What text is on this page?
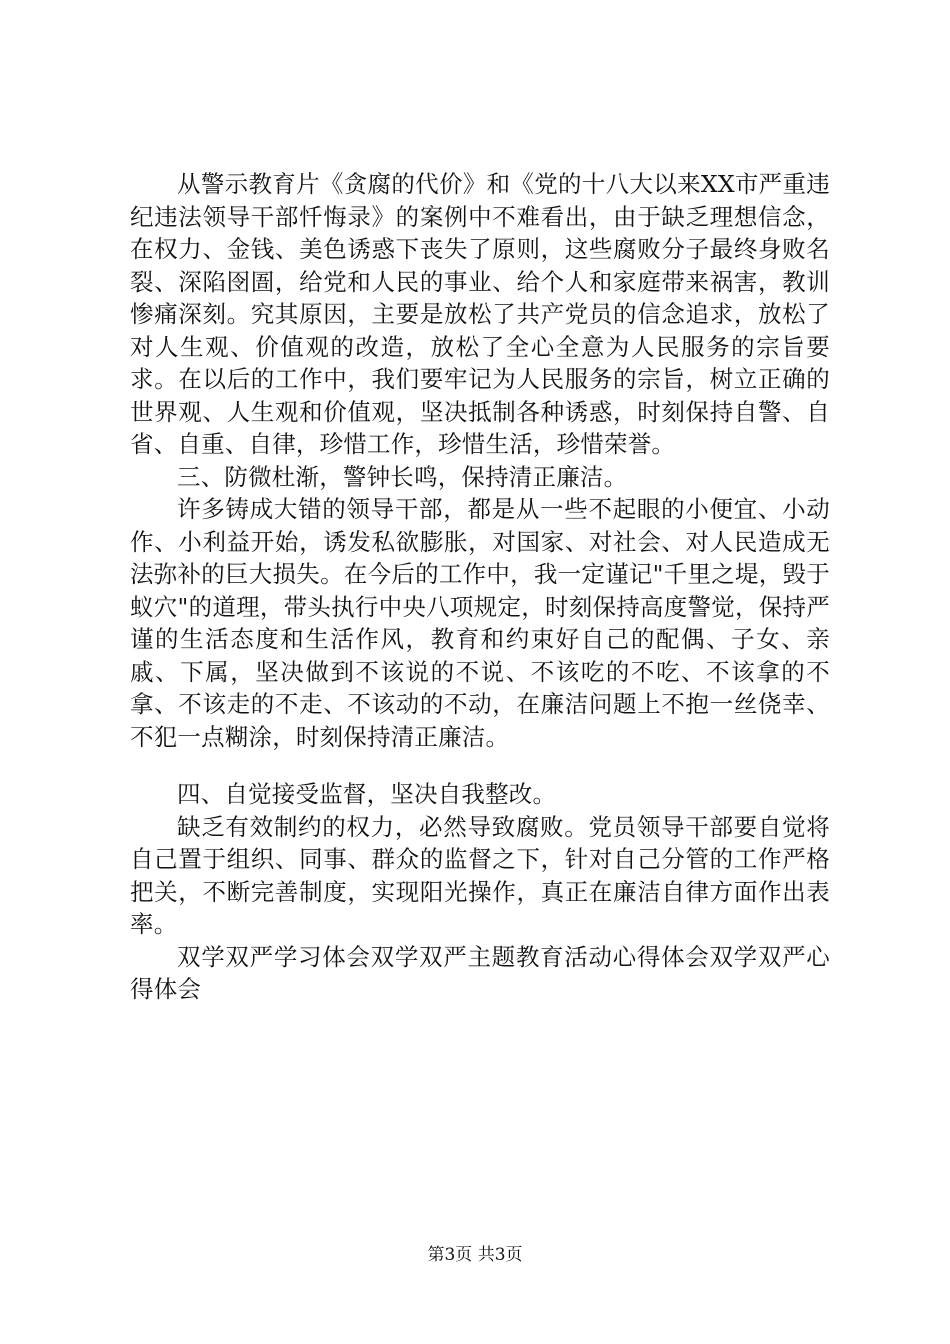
从警示教育片《贪腐的代价》和《党的十八大以来XX市严重违纪违法领导干部忏悔录》的案例中不难看出，由于缺乏理想信念，在权力、金钱、美色诱惑下丧失了原则，这些腐败分子最终身败名裂、深陷囹圄，给党和人民的事业、给个人和家庭带来祸害，教训惨痛深刻。究其原因，主要是放松了共产党员的信念追求，放松了对人生观、价值观的改造，放松了全心全意为人民服务的宗旨要求。在以后的工作中，我们要牢记为人民服务的宗旨，树立正确的世界观、人生观和价值观，坚决抵制各种诱惑，时刻保持自警、自省、自重、自律，珍惜工作，珍惜生活，珍惜荣誉。

三、防微杜渐，警钟长鸣，保持清正廉洁。

许多铸成大错的领导干部，都是从一些不起眼的小便宜、小动作、小利益开始，诱发私欲膨胀，对国家、对社会、对人民造成无法弥补的巨大损失。在今后的工作中，我一定谨记"千里之堤，毁于蚁穴"的道理，带头执行中央八项规定，时刻保持高度警觉，保持严谨的生活态度和生活作风，教育和约束好自己的配偶、子女、亲戚、下属，坚决做到不该说的不说、不该吃的不吃、不该拿的不拿、不该走的不走、不该动的不动，在廉洁问题上不抱一丝侥幸、不犯一点糊涂，时刻保持清正廉洁。

四、自觉接受监督，坚决自我整改。

缺乏有效制约的权力，必然导致腐败。党员领导干部要自觉将自己置于组织、同事、群众的监督之下，针对自己分管的工作严格把关，不断完善制度，实现阳光操作，真正在廉洁自律方面作出表率。

双学双严学习体会双学双严主题教育活动心得体会双学双严心得体会

第3页 共3页
